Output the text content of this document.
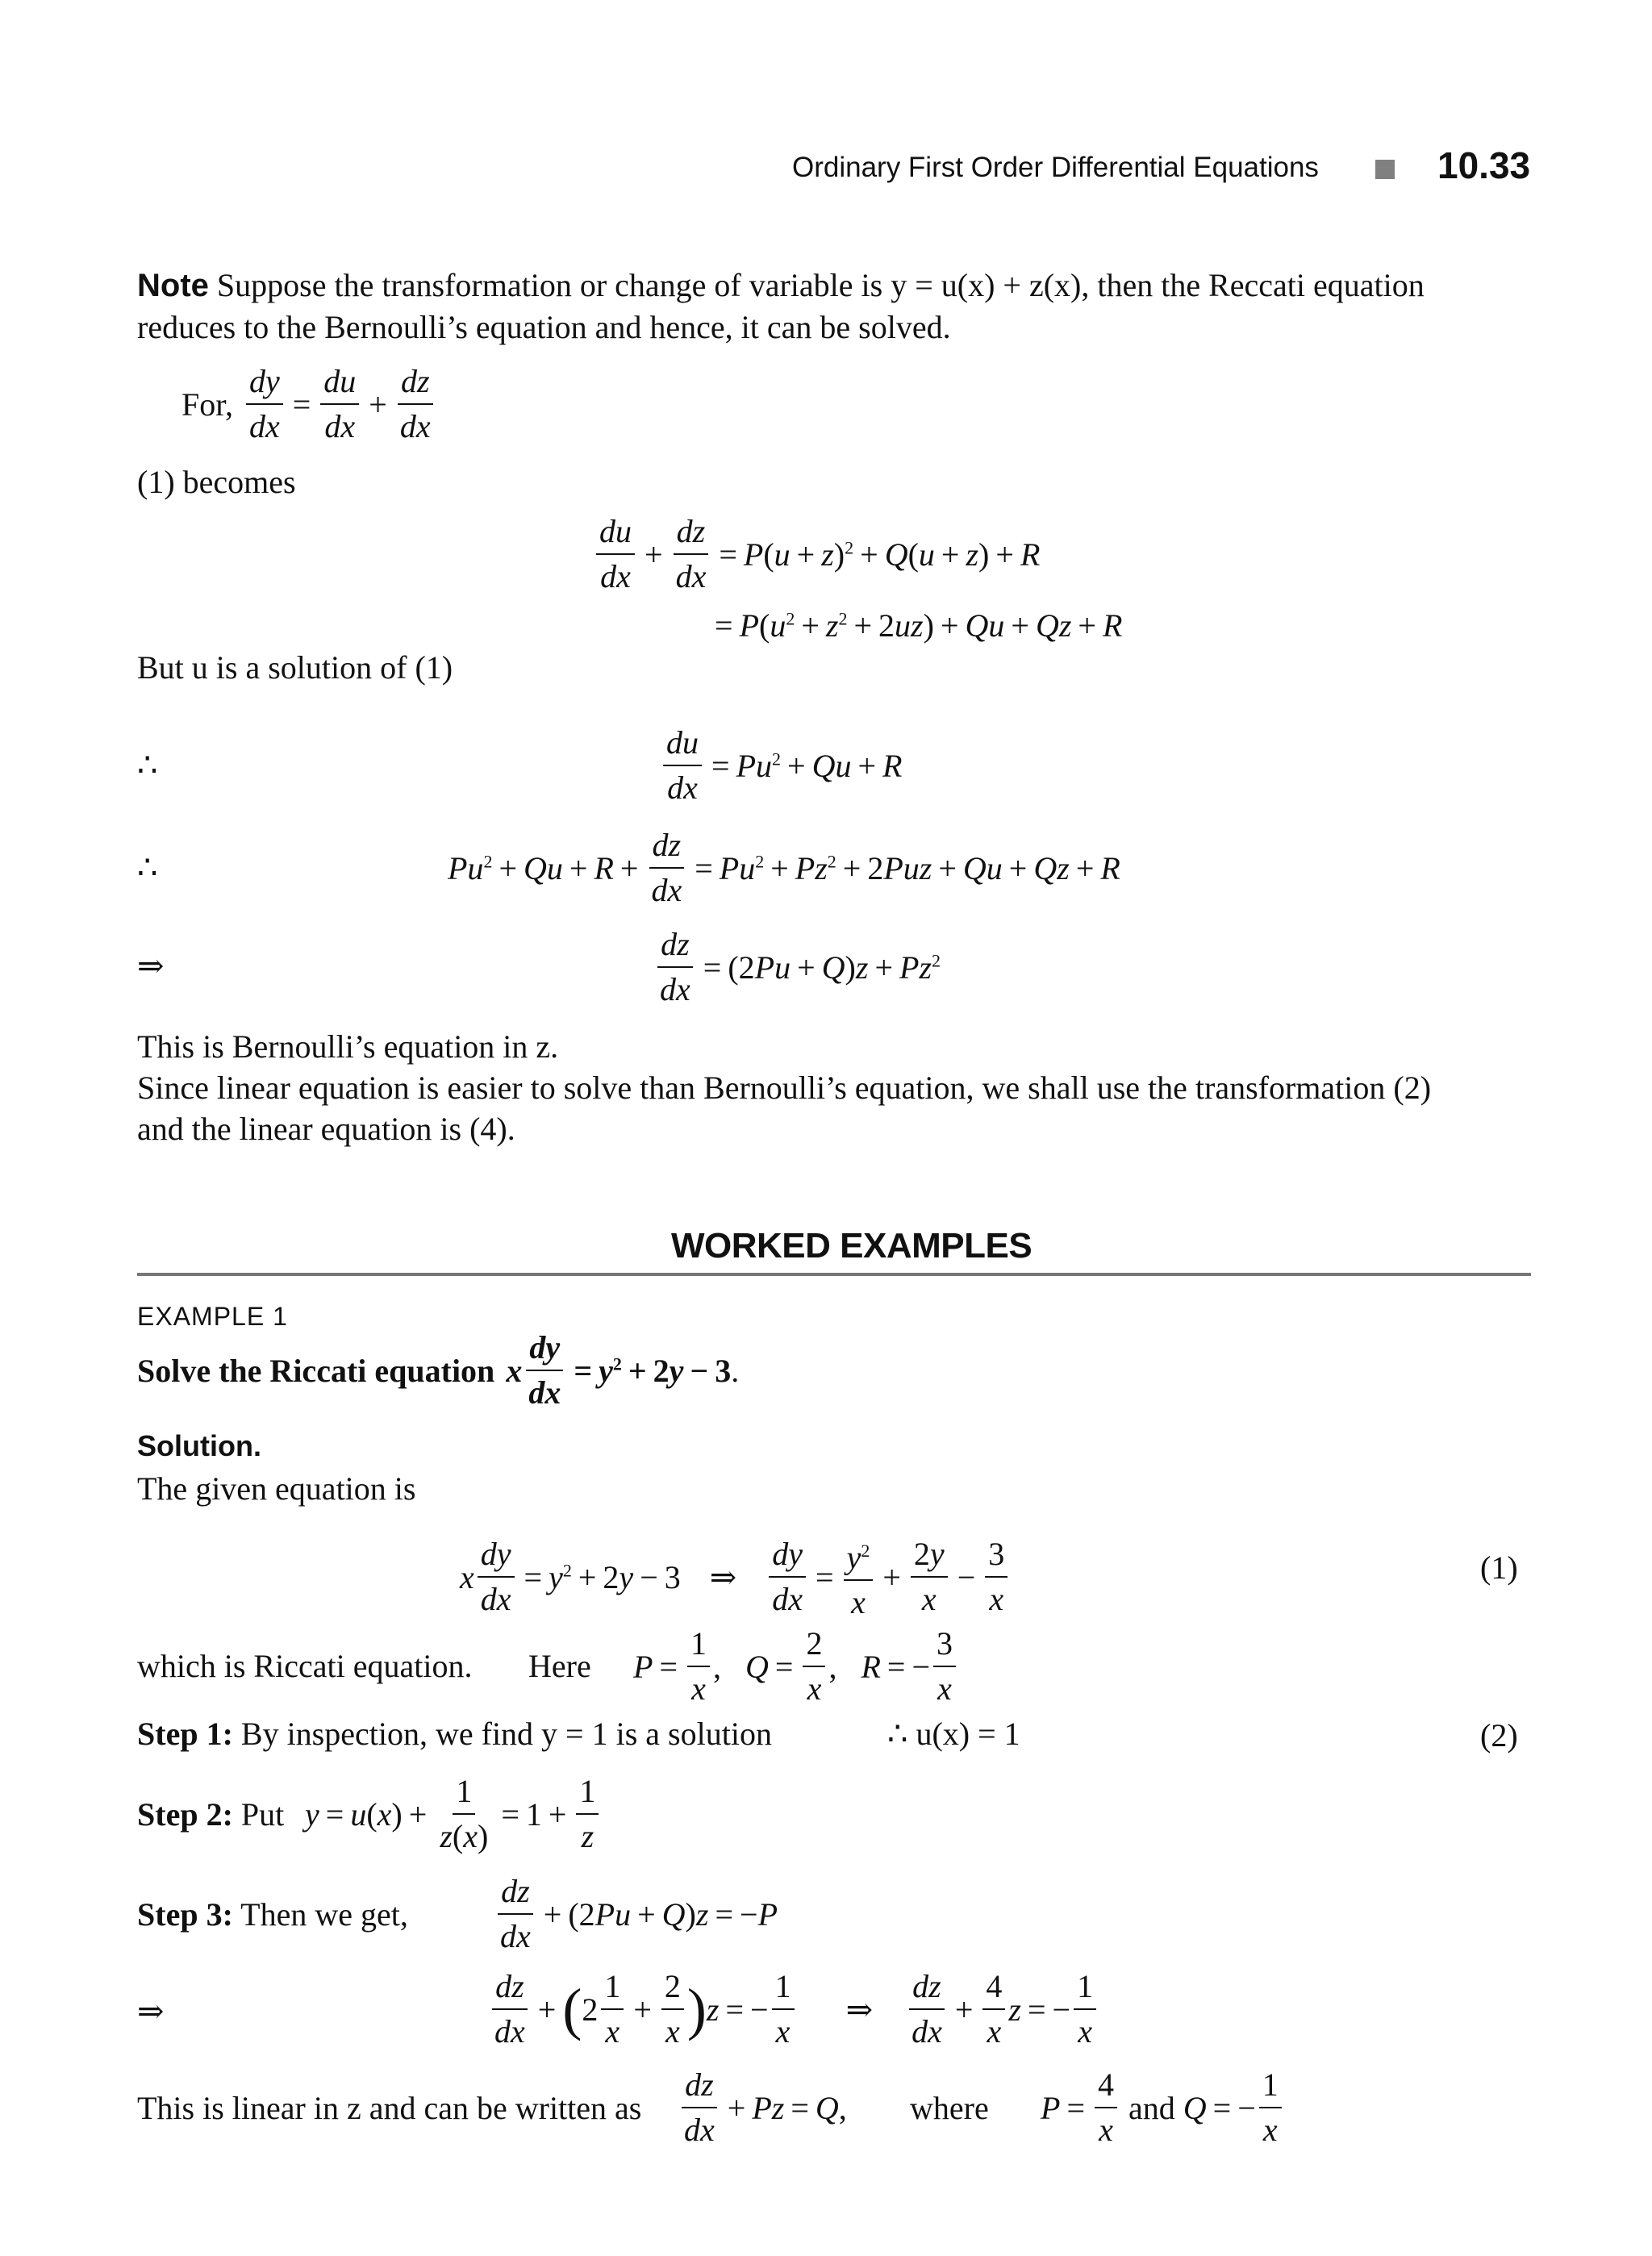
Ordinary First Order Differential Equations	10.33
Note Suppose the transformation or change of variable is y = u(x) + z(x), then the Reccati equation
reduces to the Bernoulli’s equation and hence, it can be solved.
For, $\frac{dy}{dx} = \frac{du}{dx} + \frac{dz}{dx}$
(1) becomes
$\frac{du}{dx} + \frac{dz}{dx} = P(u + z)^2 + Q(u + z) + R$
= $P(u^2 + z^2 + 2uz) + Qu + Qz + R$
But u is a solution of (1)
∴	$\frac{du}{dx} = Pu^2 + Qu + R$
∴	$Pu^2 + Qu + R + \frac{dz}{dx} = Pu^2 + Pz^2 + 2Puz + Qu + Qz + R$
⇒	$\frac{dz}{dx} = (2Pu + Q)z + Pz^2$
This is Bernoulli’s equation in z.
Since linear equation is easier to solve than Bernoulli’s equation, we shall use the transformation (2)
and the linear equation is (4).
WORKED EXAMPLES
EXAMPLE 1
Solve the Riccati equation x $\frac{dy}{dx} = y^2 + 2y - 3$ .
Solution.
The given equation is
x $\frac{dy}{dx} = y^2 + 2y - 3$ ⇒ $\frac{dy}{dx} = \frac{y^2}{x} + \frac{2y}{x} - \frac{3}{x}$	(1)
which is Riccati equation. Here $P = \frac{1}{x}$ , $Q = \frac{2}{x}$ , R = − $\frac{3}{x}$
Step 1: By inspection, we find y = 1 is a solution	∴ u(x) = 1	(2)
Step 2: Put $y = u(x) + \frac{1}{z(x)} = 1 + \frac{1}{z}$
Step 3: Then we get,	$\frac{dz}{dx} + (2Pu + Q)z = -P$
⇒	$\frac{dz}{dx}$ + ( $2 \frac{1}{x} + \frac{2}{x}$ ) z = − $\frac{1}{x}$ ⇒ $\frac{dz}{dx} + \frac{4}{x}$ z = − $\frac{1}{x}$
This is linear in z and can be written as $\frac{dz}{dx} + Pz = Q$ , where $P = \frac{4}{x}$ and Q = − $\frac{1}{x}$
